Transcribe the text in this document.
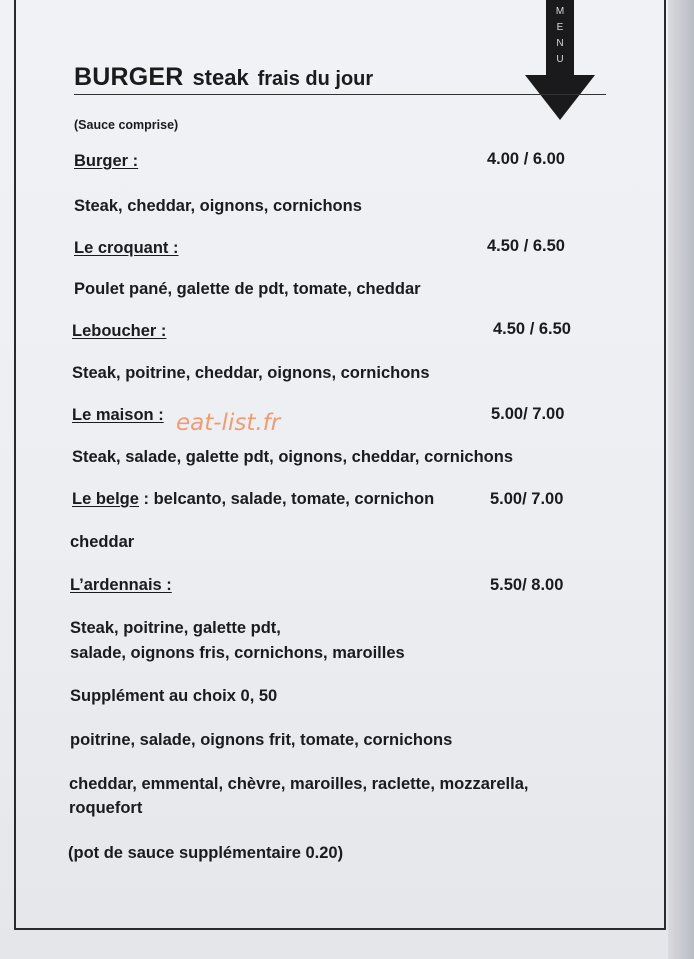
M
E
N
U
BURGER steak frais du jour
(Sauce comprise)
Burger :	4.00 / 6.00
Steak, cheddar, oignons, cornichons
Le croquant :	4.50 / 6.50
Poulet pané, galette de pdt, tomate, cheddar
Leboucher :	4.50 / 6.50
Steak, poitrine, cheddar, oignons, cornichons
Le maison :	5.00/ 7.00
Steak, salade, galette pdt, oignons, cheddar, cornichons
Le belge : belcanto, salade, tomate, cornichon	5.00/ 7.00
cheddar
L’ardennais :	5.50/ 8.00
Steak, poitrine, galette pdt,
salade, oignons fris, cornichons, maroilles
Supplément au choix 0, 50
poitrine, salade, oignons frit, tomate, cornichons
cheddar, emmental, chèvre, maroilles, raclette, mozzarella,
roquefort
(pot de sauce supplémentaire 0.20)
eat-list.fr
